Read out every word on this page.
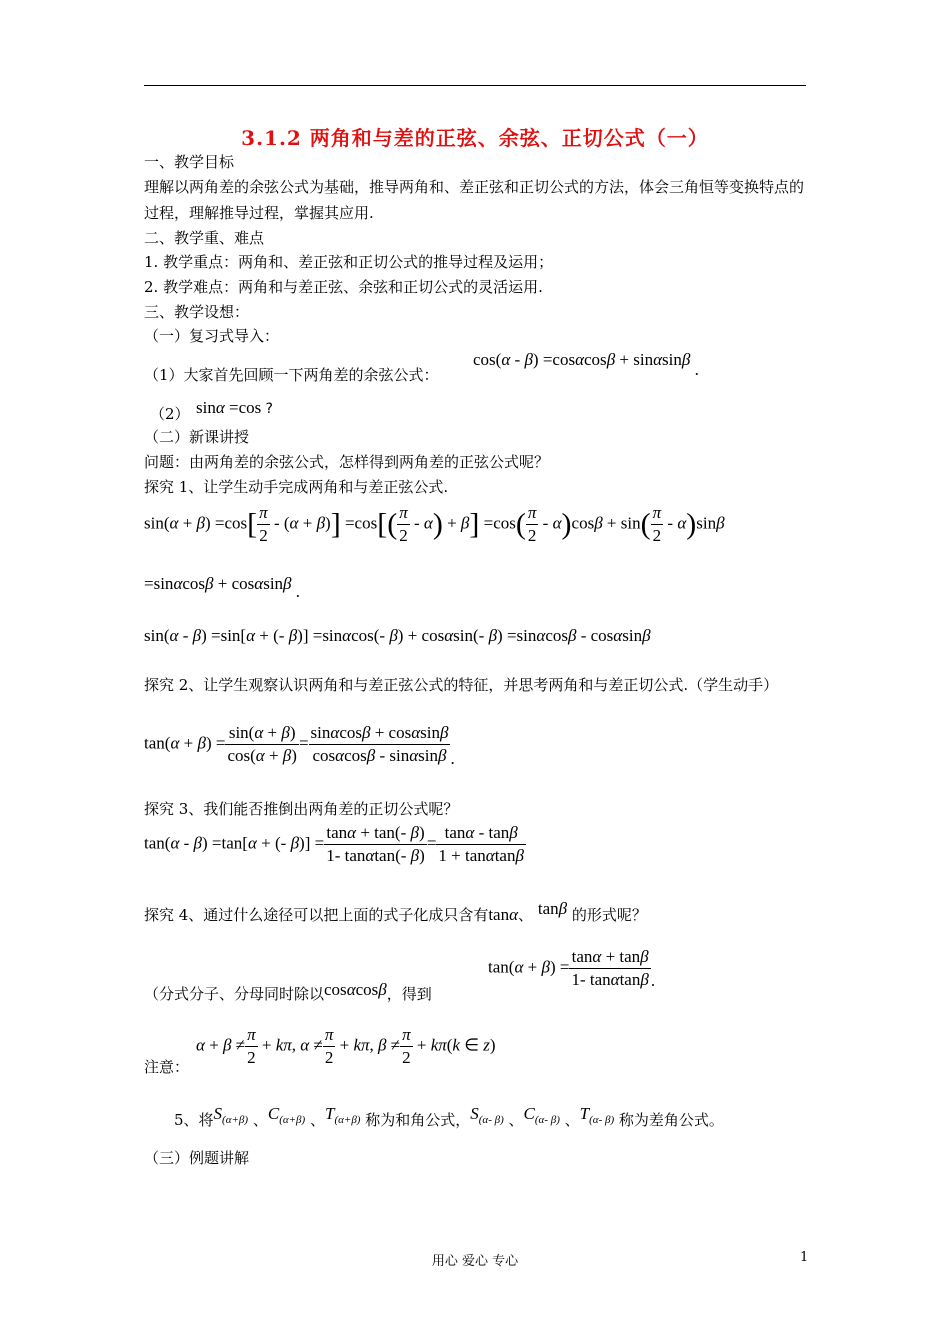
3.1.2 两角和与差的正弦、余弦、正切公式（一）
一、教学目标
理解以两角差的余弦公式为基础，推导两角和、差正弦和正切公式的方法，体会三角恒等变换特点的过程，理解推导过程，掌握其应用.
二、教学重、难点
1. 教学重点：两角和、差正弦和正切公式的推导过程及运用；
2. 教学难点：两角和与差正弦、余弦和正切公式的灵活运用.
三、教学设想：
（一）复习式导入：
（1）大家首先回顾一下两角差的余弦公式：
cos(α - β) =cosαcosβ + sinαsinβ .
（2） sinα =cos ?
（二）新课讲授
问题：由两角差的余弦公式，怎样得到两角差的正弦公式呢？
探究 1、让学生动手完成两角和与差正弦公式.
$\sin(\alpha + \beta) =\cos[ \frac{\pi}{2} - (\alpha + \beta)] =\cos[( \frac{\pi}{2} - \alpha) + \beta] =\cos( \frac{\pi}{2} - \alpha)\cos\beta + \sin( \frac{\pi}{2} - \alpha)\sin\beta$
=sinαcosβ + cosαsinβ .
sin(α - β) =sin[α + (- β)] =sinαcos(- β) + cosαsin(- β) =sinαcosβ - cosαsinβ
探究 2、让学生观察认识两角和与差正弦公式的特征，并思考两角和与差正切公式.（学生动手）
$\tan(\alpha + \beta) = \frac{\sin(\alpha + \beta)}{\cos(\alpha + \beta)} = \frac{\sin\alpha\cos\beta + \cos\alpha\sin\beta}{\cos\alpha\cos\beta - \sin\alpha\sin\beta}$ .
探究 3、我们能否推倒出两角差的正切公式呢？
tan(α - β) =tan[α + (- $\beta)] = \frac{\tan\alpha + \tan(- \beta)}{1- \tan\alpha\tan(- \beta)} = \frac{\tan\alpha - \tan\beta}{1 + \tan\alpha\tan\beta}$
探究 4、通过什么途径可以把上面的式子化成只含有tanα、 tanβ 的形式呢？
（分式分子、分母同时除以cosαcosβ，得到
$\tan(\alpha + \beta) = \frac{\tan\alpha + \tan\beta}{1- \tan\alpha\tan\beta}$ .
注意：
$\alpha + \beta \ne \frac{\pi}{2} + k\pi$, $\alpha \ne \frac{\pi}{2} + k\pi$, $\beta \ne \frac{\pi}{2} + k\pi(k$ ∈ z)
5、将$S_{(\alpha+\beta)}$ 、$C_{(\alpha+\beta)}$ 、$T_{(\alpha+\beta)}$ 称为和角公式，$S_{(\alpha- \beta)}$ 、$C_{(\alpha- \beta)}$ 、$T_{(\alpha- \beta)}$ 称为差角公式。
（三）例题讲解
用心 爱心 专心	1
